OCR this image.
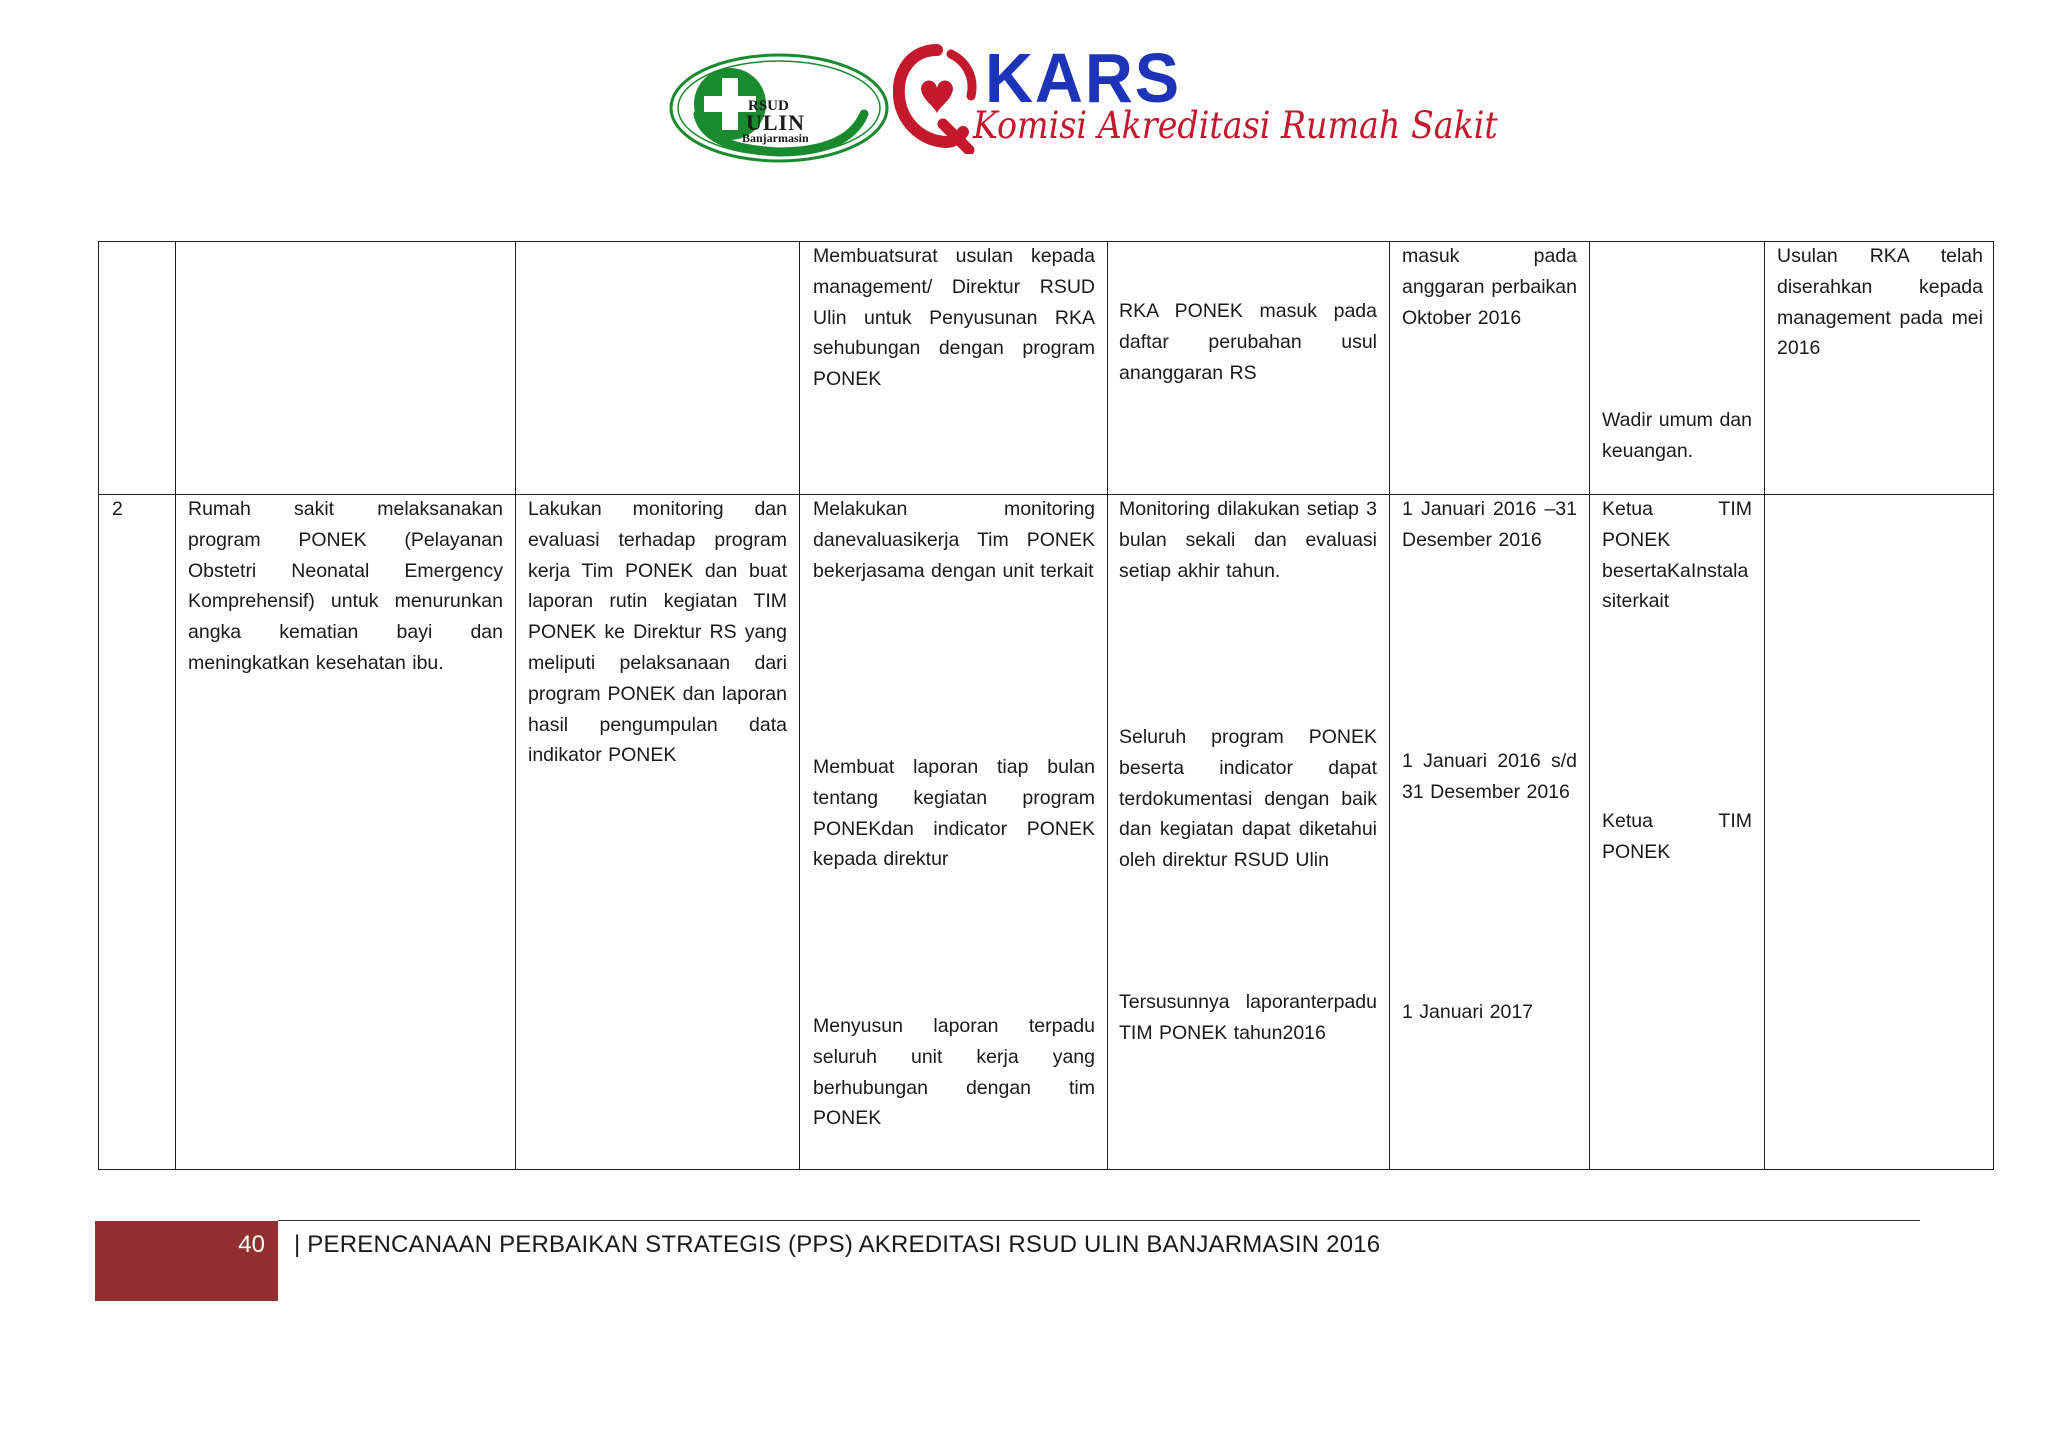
RSUD
ULIN
Banjarmasin
KARS
Komisi Akreditasi Rumah Sakit
Membuatsurat usulan kepada management/ Direktur RSUD Ulin untuk Penyusunan RKA sehubungan dengan program PONEK
RKA PONEK masuk pada daftar perubahan usul ananggaran RS
masuk pada anggaran perbaikan Oktober 2016
Wadir umum dan keuangan.
Usulan RKA telah diserahkan kepada management pada mei 2016
2	Rumah sakit melaksanakan program PONEK (Pelayanan Obstetri Neonatal Emergency Komprehensif) untuk menurunkan angka kematian bayi dan meningkatkan kesehatan ibu.
Lakukan monitoring dan evaluasi terhadap program kerja Tim PONEK dan buat laporan rutin kegiatan TIM PONEK ke Direktur RS yang meliputi pelaksanaan dari program PONEK dan laporan hasil pengumpulan data indikator PONEK
Melakukan monitoring danevaluasikerja Tim PONEK bekerjasama dengan unit terkait
Membuat laporan tiap bulan tentang kegiatan program PONEKdan indicator PONEK kepada direktur
Menyusun laporan terpadu seluruh unit kerja yang berhubungan dengan tim PONEK
Monitoring dilakukan setiap 3 bulan sekali dan evaluasi setiap akhir tahun.
Seluruh program PONEK beserta indicator dapat terdokumentasi dengan baik dan kegiatan dapat diketahui oleh direktur RSUD Ulin
Tersusunnya laporanterpadu TIM PONEK tahun2016
1 Januari 2016 –31 Desember 2016
1 Januari 2016 s/d 31 Desember 2016
1 Januari 2017
Ketua TIM PONEK besertaKaInstala siterkait
Ketua TIM PONEK
40 | PERENCANAAN PERBAIKAN STRATEGIS (PPS) AKREDITASI RSUD ULIN BANJARMASIN 2016
